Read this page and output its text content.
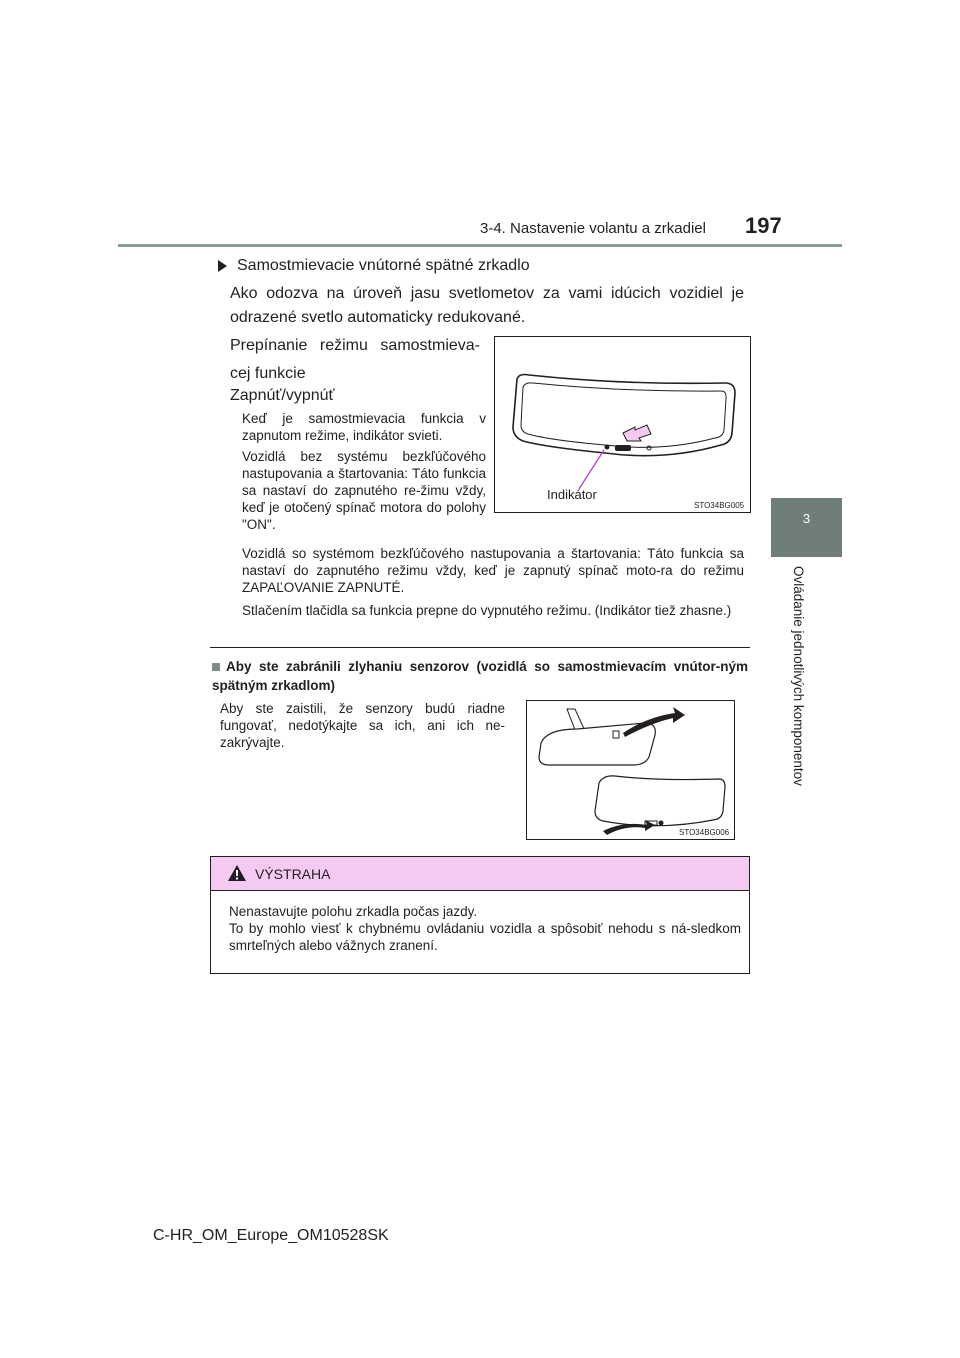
3-4. Nastavenie volantu a zrkadiel 197
3
Ovládanie jednotlivých komponentov
Samostmievacie vnútorné spätné zrkadlo
Ako odozva na úroveň jasu svetlometov za vami idúcich vozidiel je odrazené svetlo automaticky redukované.
Prepínanie režimu samostmieva-
cej funkcie
Zapnúť/vypnúť
Keď je samostmievacia funkcia v zapnutom režime, indikátor svieti.
Vozidlá bez systému bezkľúčového nastupovania a štartovania: Táto funkcia sa nastaví do zapnutého re-žimu vždy, keď je otočený spínač motora do polohy "ON".
Vozidlá so systémom bezkľúčového nastupovania a štartovania: Táto funkcia sa nastaví do zapnutého režimu vždy, keď je zapnutý spínač moto-ra do režimu ZAPAĽOVANIE ZAPNUTÉ.
Stlačením tlačidla sa funkcia prepne do vypnutého režimu. (Indikátor tiež zhasne.)
Indikátor
STO34BG005
Aby ste zabránili zlyhaniu senzorov (vozidlá so samostmievacím vnútor-ným spätným zrkadlom)
Aby ste zaistili, že senzory budú riadne fungovať, nedotýkajte sa ich, ani ich ne-zakrývajte.
STO34BG006
VÝSTRAHA
Nenastavujte polohu zrkadla počas jazdy.
To by mohlo viesť k chybnému ovládaniu vozidla a spôsobiť nehodu s ná-sledkom smrteľných alebo vážnych zranení.
C-HR_OM_Europe_OM10528SK
